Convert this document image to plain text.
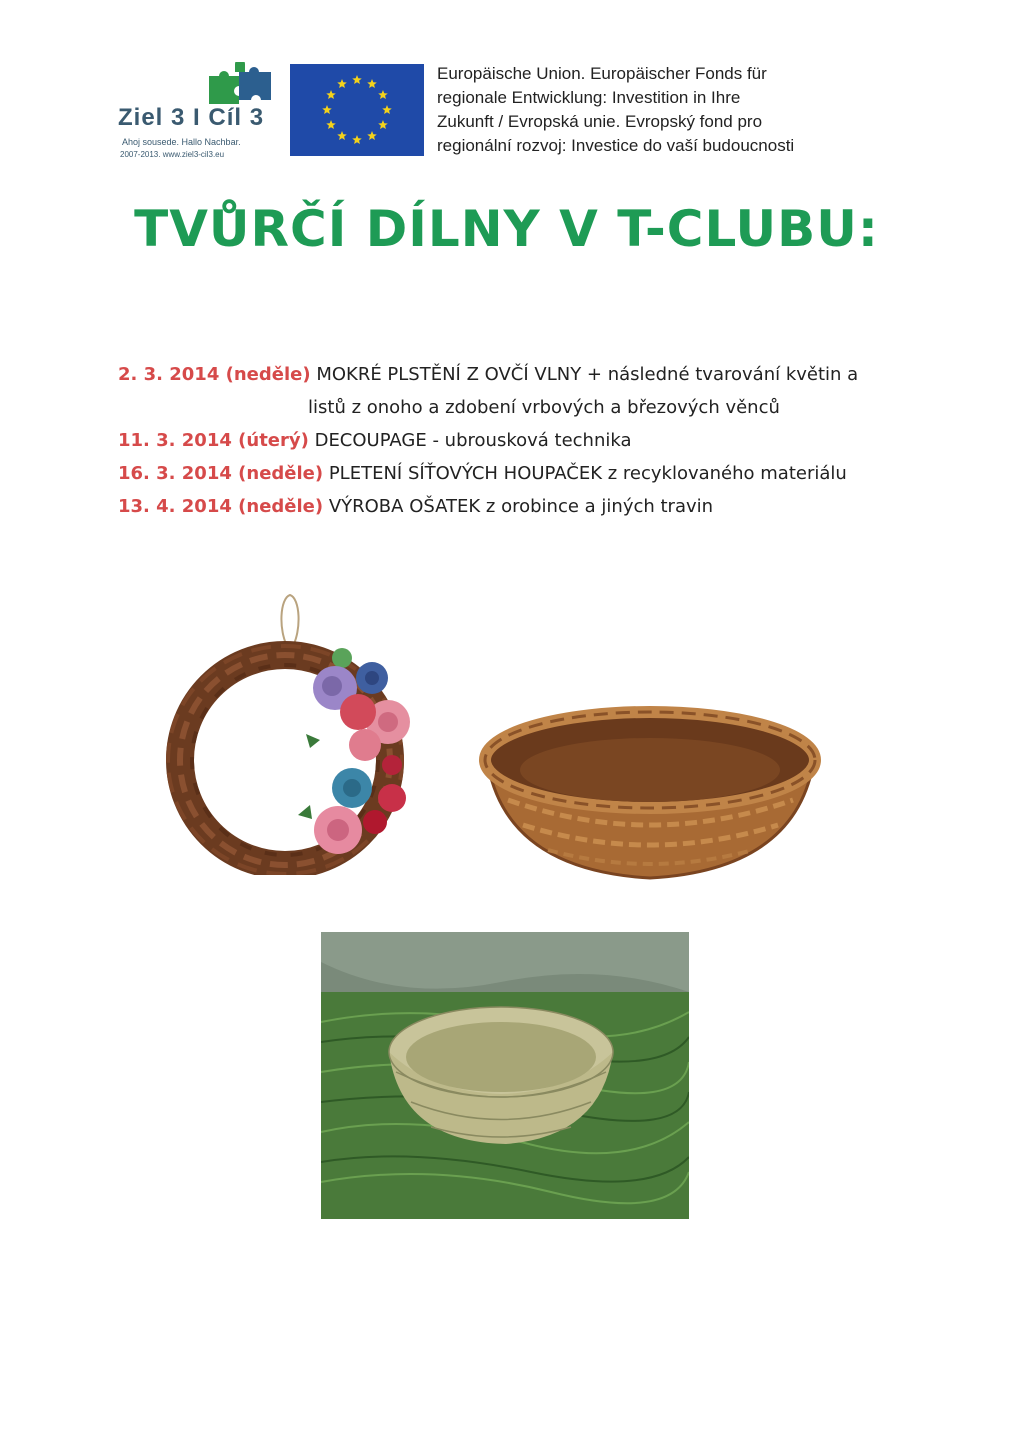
Ziel 3 I Cíl 3
Ahoj sousede. Hallo Nachbar.
2007-2013. www.ziel3-cil3.eu
Europäische Union. Europäischer Fonds für
regionale Entwicklung: Investition in Ihre
Zukunft / Evropská unie. Evropský fond pro
regionální rozvoj: Investice do vaší budoucnosti
TVŮRČÍ DÍLNY V T-CLUBU:
2. 3. 2014 (neděle) MOKRÉ PLSTĚNÍ Z OVČÍ VLNY + následné tvarování květin a
listů z onoho a zdobení vrbových a březových věnců
11. 3. 2014 (úterý) DECOUPAGE - ubrousková technika
16. 3. 2014 (neděle) PLETENÍ SÍŤOVÝCH HOUPAČEK z recyklovaného materiálu
13. 4. 2014 (neděle) VÝROBA OŠATEK z orobince a jiných travin
